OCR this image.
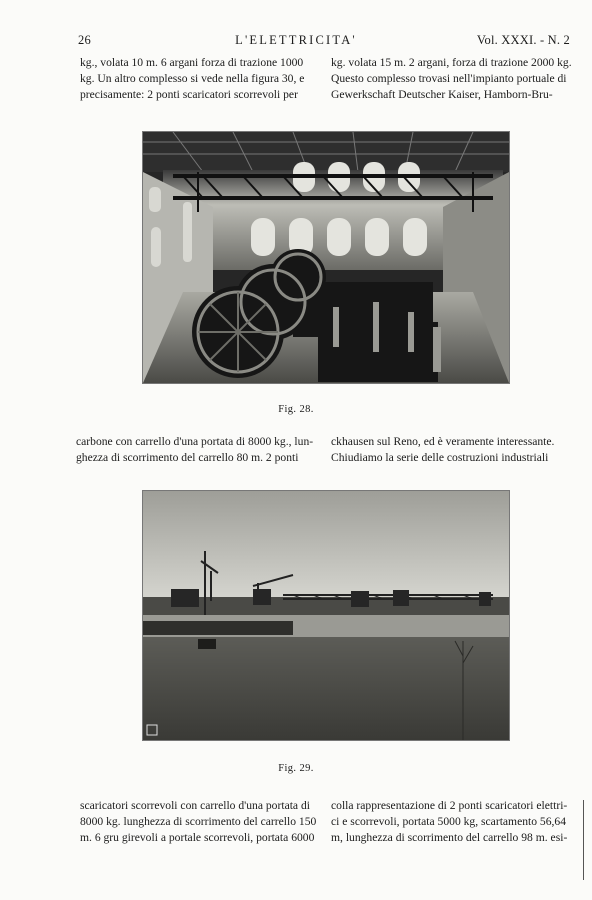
26	L'ELETTRICITA'	Vol. XXXI. - N. 2
kg., volata 10 m. 6 argani forza di trazione 1000
kg. Un altro complesso si vede nella figura 30, e
precisamente: 2 ponti scaricatori scorrevoli per
kg. volata 15 m. 2 argani, forza di trazione 2000 kg.
Questo complesso trovasi nell'impianto portuale di
Gewerkschaft Deutscher Kaiser, Hamborn-Bru-
Fig. 28.
carbone con carrello d'una portata di 8000 kg., lun-
ghezza di scorrimento del carrello 80 m. 2 ponti
ckhausen sul Reno, ed è veramente interessante.
Chiudiamo la serie delle costruzioni industriali
Fig. 29.
scaricatori scorrevoli con carrello d'una portata di
8000 kg. lunghezza di scorrimento del carrello 150
m. 6 gru girevoli a portale scorrevoli, portata 6000
colla rappresentazione di 2 ponti scaricatori elettri-
ci e scorrevoli, portata 5000 kg, scartamento 56,64
m, lunghezza di scorrimento del carrello 98 m. esi-
